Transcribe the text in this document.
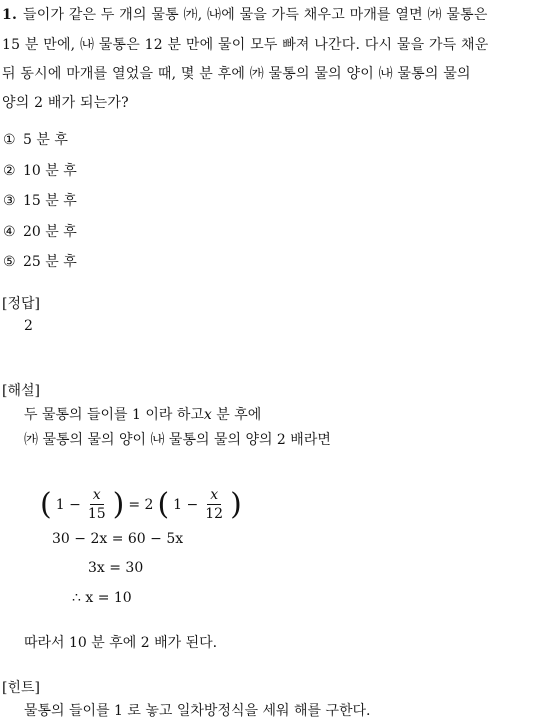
1. 들이가 같은 두 개의 물통 ㈎, ㈏에 물을 가득 채우고 마개를 열면 ㈎ 물통은
15 분 만에, ㈏ 물통은 12 분 만에 물이 모두 빠져 나간다. 다시 물을 가득 채운
뒤 동시에 마개를 열었을 때, 몇 분 후에 ㈎ 물통의 물의 양이 ㈏ 물통의 물의
양의 2 배가 되는가?
① 5 분 후
② 10 분 후
③ 15 분 후
④ 20 분 후
⑤ 25 분 후
[정답]
2
[해설]
두 물통의 들이를 1 이라 하고x 분 후에
㈎ 물통의 물의 양이 ㈏ 물통의 물의 양의 2 배라면
( $1 - \frac{x}{15}$ ) = 2 ( $1 - \frac{x}{12}$ )
30 − 2x = 60 − 5x
3x = 30
∴ x = 10
따라서 10 분 후에 2 배가 된다.
[힌트]
물통의 들이를 1 로 놓고 일차방정식을 세워 해를 구한다.
